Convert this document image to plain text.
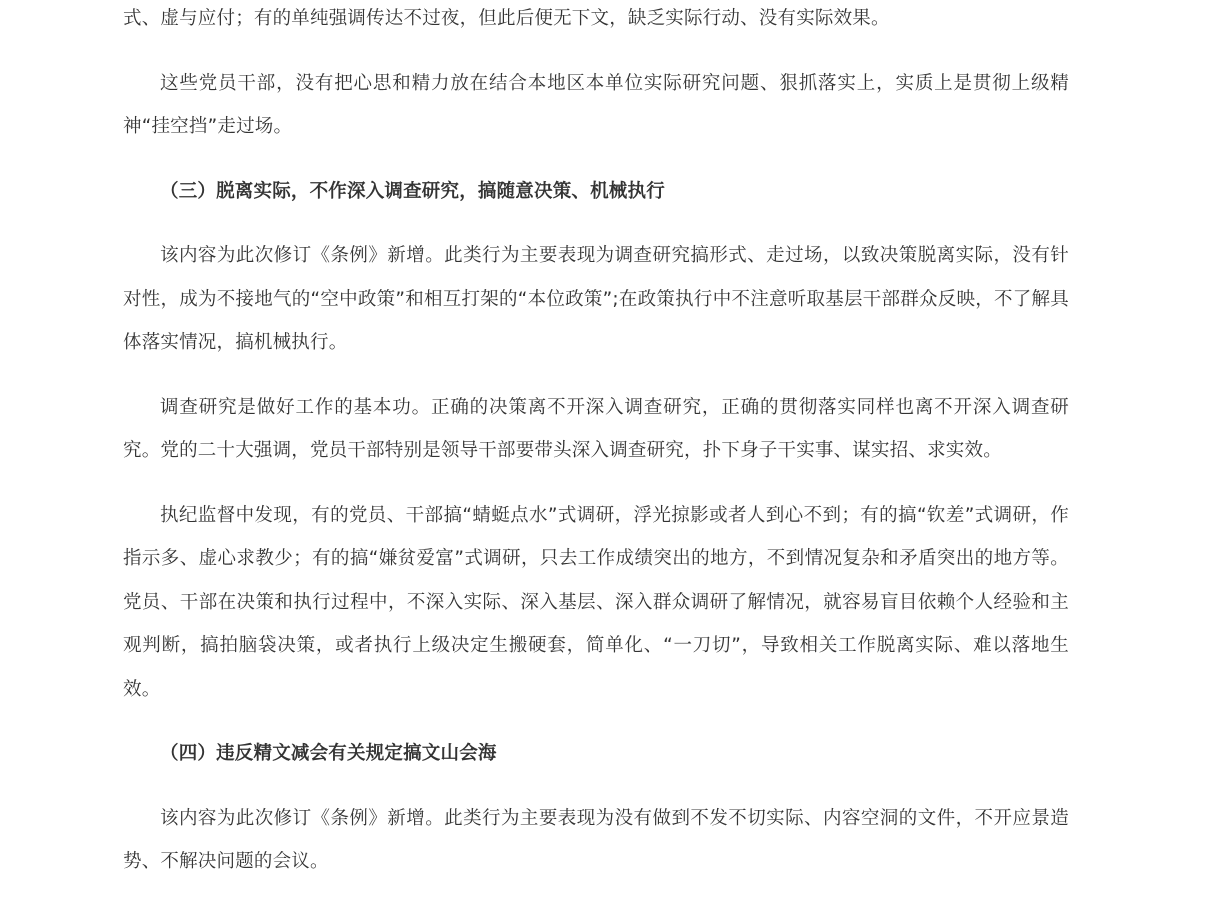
式、虚与应付；有的单纯强调传达不过夜，但此后便无下文，缺乏实际行动、没有实际效果。

这些党员干部，没有把心思和精力放在结合本地区本单位实际研究问题、狠抓落实上，实质上是贯彻上级精神“挂空挡”走过场。

（三）脱离实际，不作深入调查研究，搞随意决策、机械执行

该内容为此次修订《条例》新增。此类行为主要表现为调查研究搞形式、走过场，以致决策脱离实际，没有针对性，成为不接地气的“空中政策”和相互打架的“本位政策”;在政策执行中不注意听取基层干部群众反映，不了解具体落实情况，搞机械执行。

调查研究是做好工作的基本功。正确的决策离不开深入调查研究，正确的贯彻落实同样也离不开深入调查研究。党的二十大强调，党员干部特别是领导干部要带头深入调查研究，扑下身子干实事、谋实招、求实效。

执纪监督中发现，有的党员、干部搞“蜻蜓点水”式调研，浮光掠影或者人到心不到；有的搞“钦差”式调研，作指示多、虚心求教少；有的搞“嫌贫爱富”式调研，只去工作成绩突出的地方，不到情况复杂和矛盾突出的地方等。党员、干部在决策和执行过程中，不深入实际、深入基层、深入群众调研了解情况，就容易盲目依赖个人经验和主观判断，搞拍脑袋决策，或者执行上级决定生搬硬套，简单化、“一刀切”，导致相关工作脱离实际、难以落地生效。

（四）违反精文减会有关规定搞文山会海

该内容为此次修订《条例》新增。此类行为主要表现为没有做到不发不切实际、内容空洞的文件，不开应景造势、不解决问题的会议。
